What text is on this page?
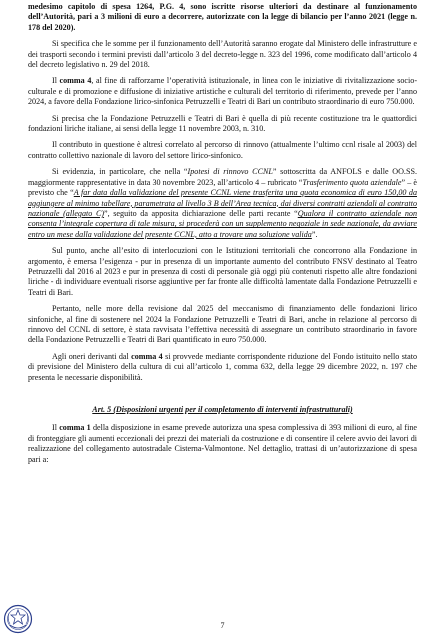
medesimo capitolo di spesa 1264, P.G. 4, sono iscritte risorse ulteriori da destinare al funzionamento dell’Autorità, pari a 3 milioni di euro a decorrere, autorizzate con la legge di bilancio per l’anno 2021 (legge n. 178 del 2020).

Si specifica che le somme per il funzionamento dell’Autorità saranno erogate dal Ministero delle infrastrutture e dei trasporti secondo i termini previsti dall’articolo 3 del decreto-legge n. 323 del 1996, come modificato dall’articolo 4 del decreto legislativo n. 29 del 2018.

Il comma 4, al fine di rafforzarne l’operatività istituzionale, in linea con le iniziative di rivitalizzazione socio-culturale e di promozione e diffusione di iniziative artistiche e culturali del territorio di riferimento, prevede per l’anno 2024, a favore della Fondazione lirico-sinfonica Petruzzelli e Teatri di Bari un contributo straordinario di euro 750.000.

Si precisa che la Fondazione Petruzzelli e Teatri di Bari è quella di più recente costituzione tra le quattordici fondazioni liriche italiane, ai sensi della legge 11 novembre 2003, n. 310.

Il contributo in questione è altresì correlato al percorso di rinnovo (attualmente l’ultimo ccnl risale al 2003) del contratto collettivo nazionale di lavoro del settore lirico-sinfonico.

Si evidenzia, in particolare, che nella “Ipotesi di rinnovo CCNL” sottoscritta da ANFOLS e dalle OO.SS. maggiormente rappresentative in data 30 novembre 2023, all’articolo 4 – rubricato “Trasferimento quota aziendale” – è previsto che “A far data dalla validazione del presente CCNL viene trasferita una quota economica di euro 150,00 da aggiungere al minimo tabellare, parametrata al livello 3 B dell’Area tecnica, dai diversi contratti aziendali al contratto nazionale (allegato C)”, seguito da apposita dichiarazione delle parti recante “Qualora il contratto aziendale non consenta l’integrale copertura di tale misura, si procederà con un supplemento negoziale in sede nazionale, da avviare entro un mese dalla validazione del presente CCNL, atto a trovare una soluzione valida”.

Sul punto, anche all’esito di interlocuzioni con le Istituzioni territoriali che concorrono alla Fondazione in argomento, è emersa l’esigenza - pur in presenza di un importante aumento del contributo FNSV destinato al Teatro Petruzzelli dal 2016 al 2023 e pur in presenza di costi di personale già oggi più contenuti rispetto alle altre fondazioni liriche - di individuare eventuali risorse aggiuntive per far fronte alle difficoltà lamentate dalla Fondazione Petruzzelli e Teatri di Bari.

Pertanto, nelle more della revisione dal 2025 del meccanismo di finanziamento delle fondazioni lirico sinfoniche, al fine di sostenere nel 2024 la Fondazione Petruzzelli e Teatri di Bari, anche in relazione al percorso di rinnovo del CCNL di settore, è stata ravvisata l’effettiva necessità di assegnare un contributo straordinario in favore della Fondazione Petruzzelli e Teatri di Bari quantificato in euro 750.000.

Agli oneri derivanti dal comma 4 si provvede mediante corrispondente riduzione del Fondo istituito nello stato di previsione del Ministero della cultura di cui all’articolo 1, comma 632, della legge 29 dicembre 2022, n. 197 che presenta le necessarie disponibilità.

Art. 5 (Disposizioni urgenti per il completamento di interventi infrastrutturali)

Il comma 1 della disposizione in esame prevede autorizza una spesa complessiva di 393 milioni di euro, al fine di fronteggiare gli aumenti eccezionali dei prezzi dei materiali da costruzione e di consentire il celere avvio dei lavori di realizzazione del collegamento autostradale Cisterna-Valmontone. Nel dettaglio, trattasi di un’autorizzazione di spesa pari a:

7
